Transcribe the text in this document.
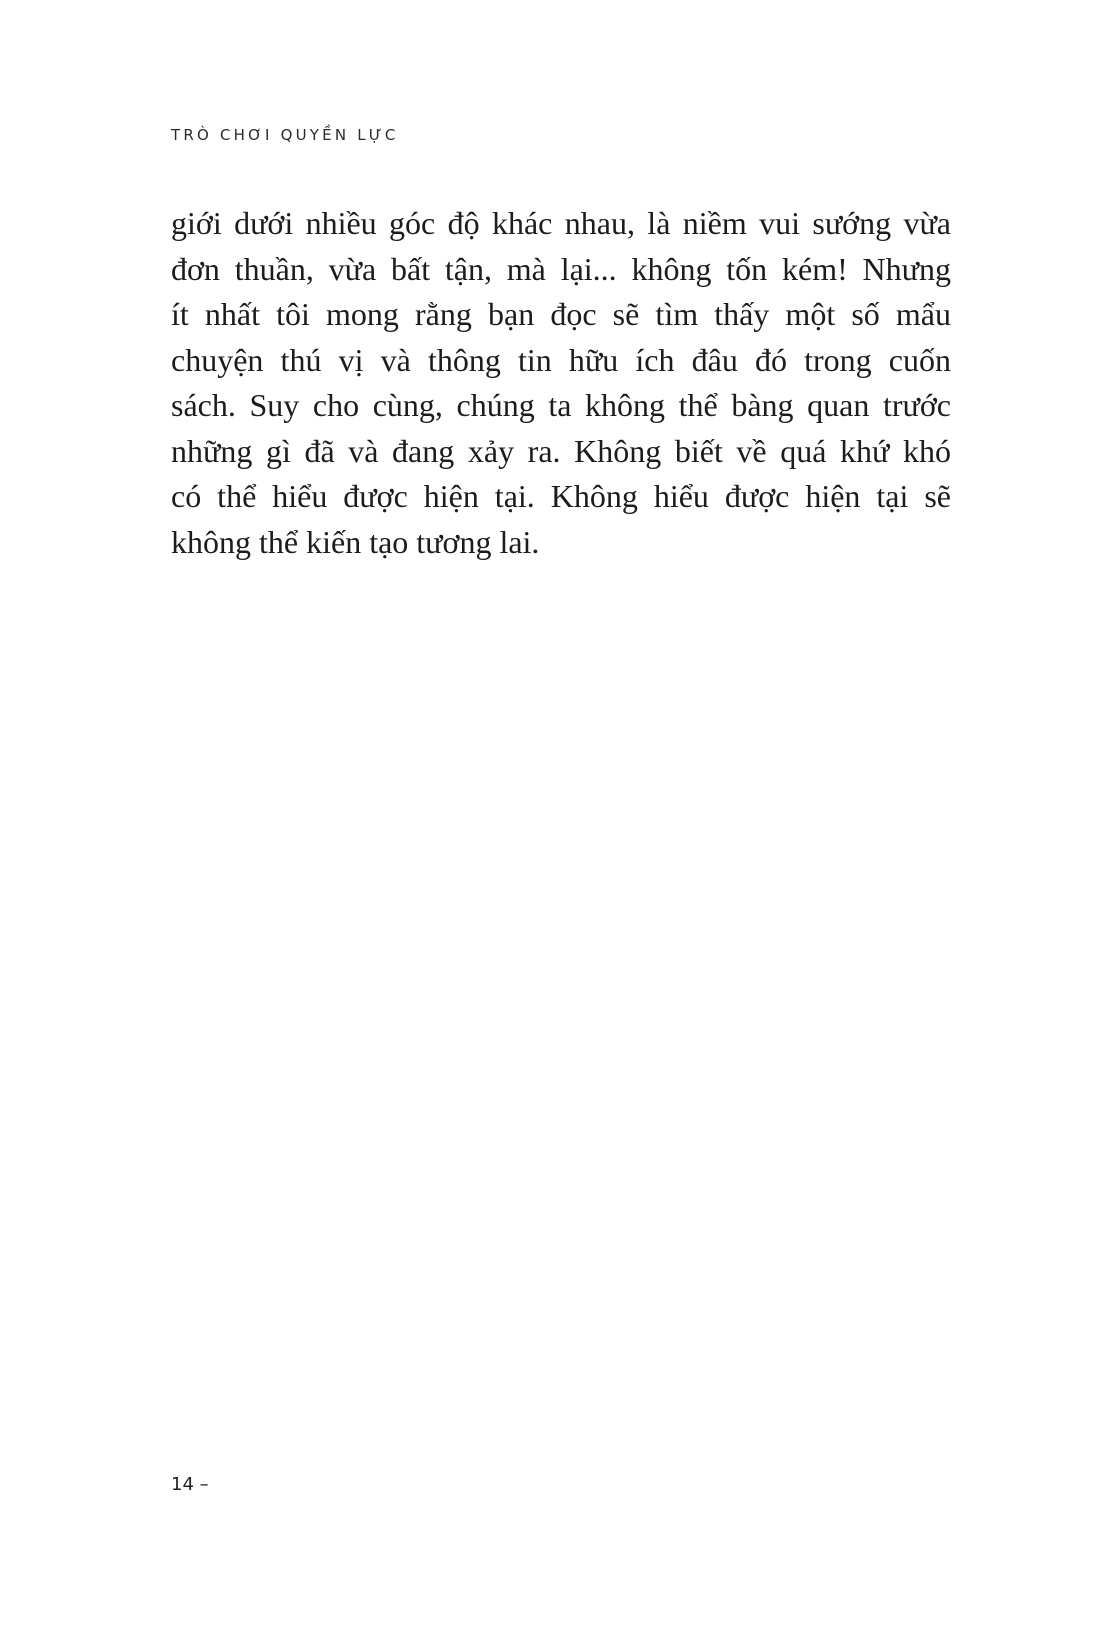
TRÒ CHƠI QUYỀN LỰC
giới dưới nhiều góc độ khác nhau, là niềm vui sướng vừa
đơn thuần, vừa bất tận, mà lại... không tốn kém! Nhưng
ít nhất tôi mong rằng bạn đọc sẽ tìm thấy một số mẩu
chuyện thú vị và thông tin hữu ích đâu đó trong cuốn
sách. Suy cho cùng, chúng ta không thể bàng quan trước
những gì đã và đang xảy ra. Không biết về quá khứ khó
có thể hiểu được hiện tại. Không hiểu được hiện tại sẽ
không thể kiến tạo tương lai.
14 –
